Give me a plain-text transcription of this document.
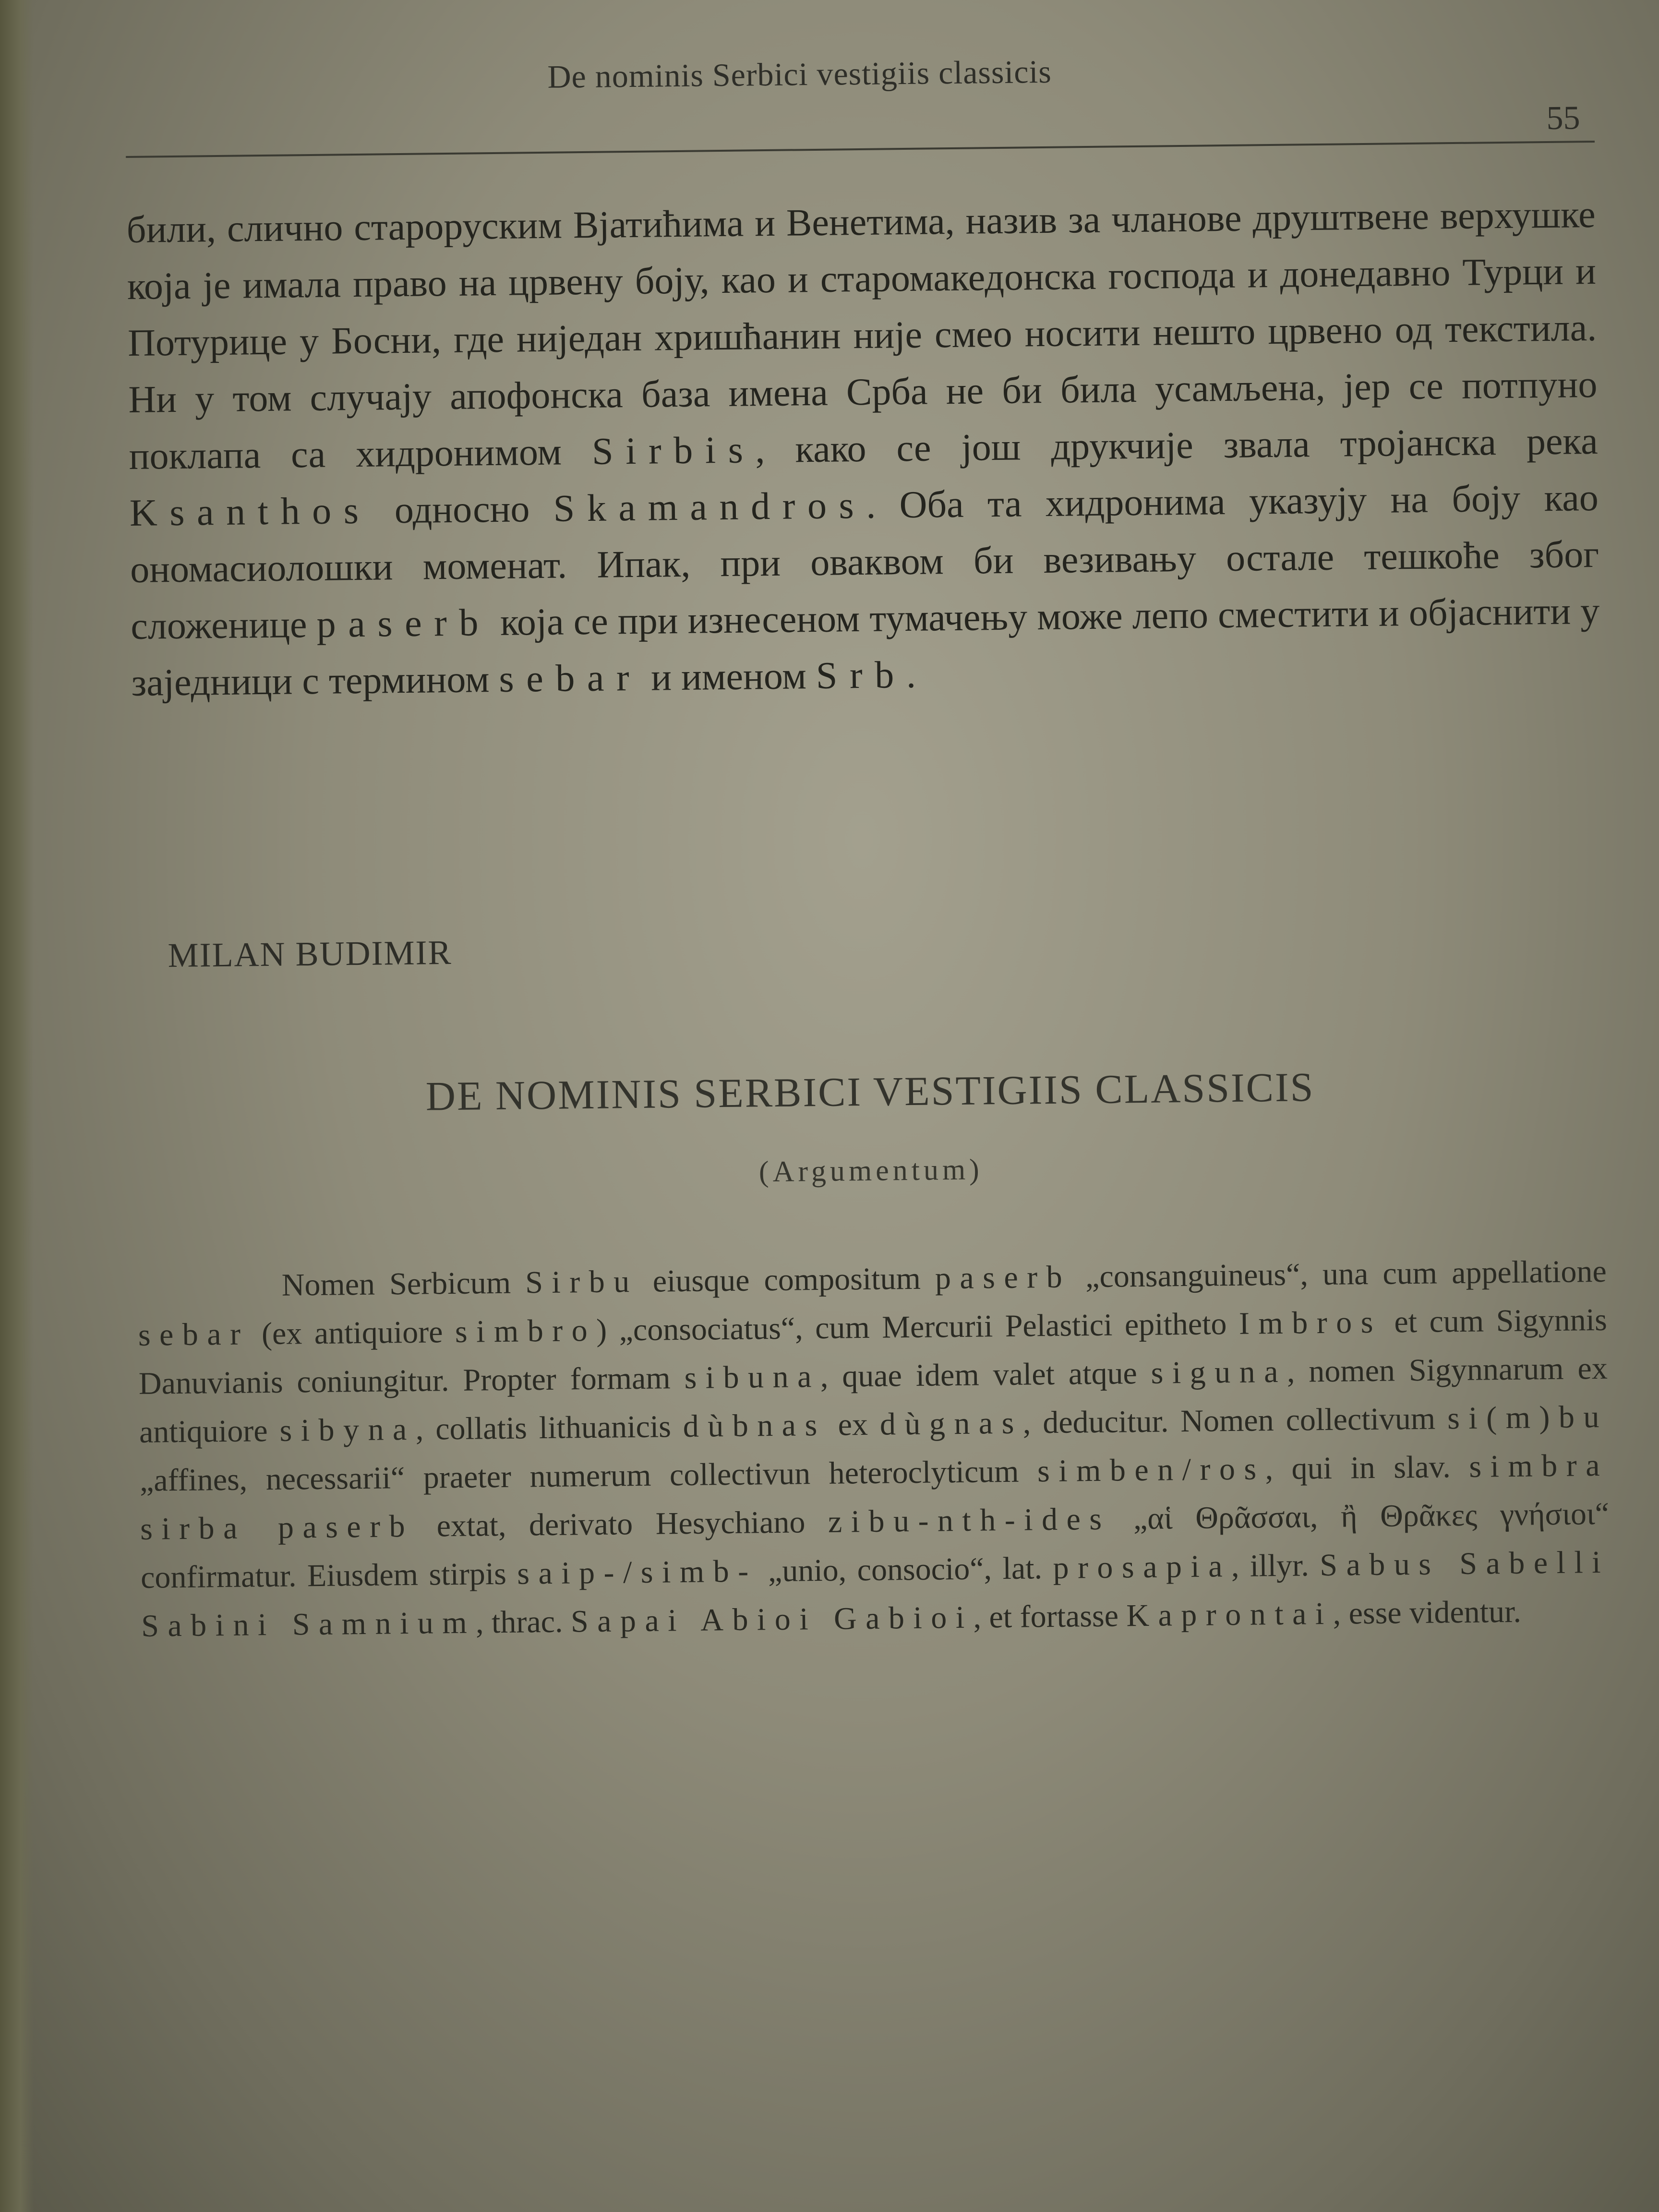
De nominis Serbici vestigiis classicis
55

били, слично староруским Вјатићима и Венетима, назив за чланове друштвене верхушке која је имала право на црвену боју, као и старомакедонска господа и донедавно Турци и Потурице у Босни, где ниједан хришћанин није смео носити нешто црвено од текстила. Ни у том случају апофонска база имена Срба не би била усамљена, јер се потпуно поклапа са хидронимом Sirbis, како се још друкчије звала тројанска река Ksanthos односно Skamandros. Оба та хидронима указују на боју као ономасиолошки моменат. Ипак, при оваквом би везивању остале тешкоће због сложенице paserb која се при изнесеном тумачењу може лепо сместити и објаснити у заједници с термином sebar и именом Srb.

MILAN BUDIMIR
DE NOMINIS SERBICI VESTIGIIS CLASSICIS
(Argumentum)

Nomen Serbicum Sirbu eiusque compositum paserb „consanguineus“, una cum appellatione sebar (ex antiquiore simbro) „consociatus“, cum Mercurii Pelastici epitheto Imbros et cum Sigynnis Danuvianis coniungitur. Propter formam sibuna, quae idem valet atque siguna, nomen Sigynnarum ex antiquiore sibyna, collatis lithuanicis dùbnas ex dùgnas, deducitur. Nomen collectivum si(m)bu „affines, necessarii“ praeter numerum collectivun heteroclyticum simben/ros, qui in slav. simbra sirba paserb extat, derivato Hesychiano zibu-nth-ides „αἱ Θρᾶσσαι, ἢ Θρᾶκες γνήσιοι“ confirmatur. Eiusdem stirpis saip-/simb- „unio, consocio“, lat. prosapia, illyr. Sabus Sabelli Sabini Samnium, thrac. Sapai Abioi Gabioi, et fortasse Kaprontai, esse videntur.
